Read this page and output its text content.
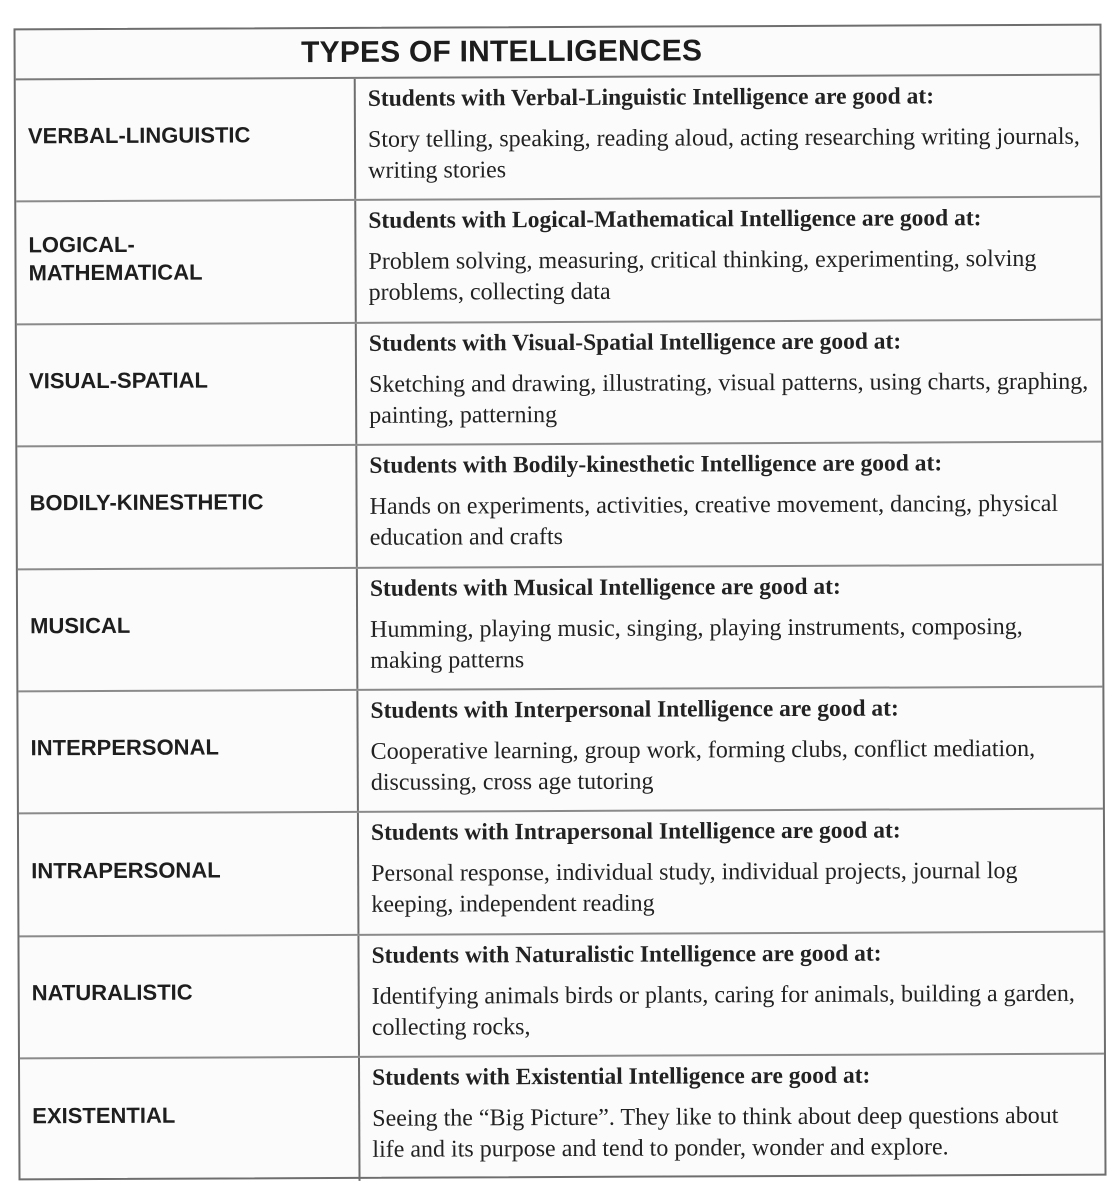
TYPES OF INTELLIGENCES
VERBAL-LINGUISTIC

Students with Verbal-Linguistic Intelligence are good at:

Story telling, speaking, reading aloud, acting researching writing journals, writing stories

LOGICAL-
MATHEMATICAL

Students with Logical-Mathematical Intelligence are good at:

Problem solving, measuring, critical thinking, experimenting, solving problems, collecting data

VISUAL-SPATIAL

Students with Visual-Spatial Intelligence are good at:

Sketching and drawing, illustrating, visual patterns, using charts, graphing, painting, patterning

BODILY-KINESTHETIC

Students with Bodily-kinesthetic Intelligence are good at:

Hands on experiments, activities, creative movement, dancing, physical education and crafts

MUSICAL

Students with Musical Intelligence are good at:

Humming, playing music, singing, playing instruments, composing, making patterns

INTERPERSONAL

Students with Interpersonal Intelligence are good at:

Cooperative learning, group work, forming clubs, conflict mediation, discussing, cross age tutoring

INTRAPERSONAL

Students with Intrapersonal Intelligence are good at:

Personal response, individual study, individual projects, journal log keeping, independent reading

NATURALISTIC

Students with Naturalistic Intelligence are good at:

Identifying animals birds or plants, caring for animals, building a garden, collecting rocks,

EXISTENTIAL

Students with Existential Intelligence are good at:

Seeing the “Big Picture”. They like to think about deep questions about life and its purpose and tend to ponder, wonder and explore.
